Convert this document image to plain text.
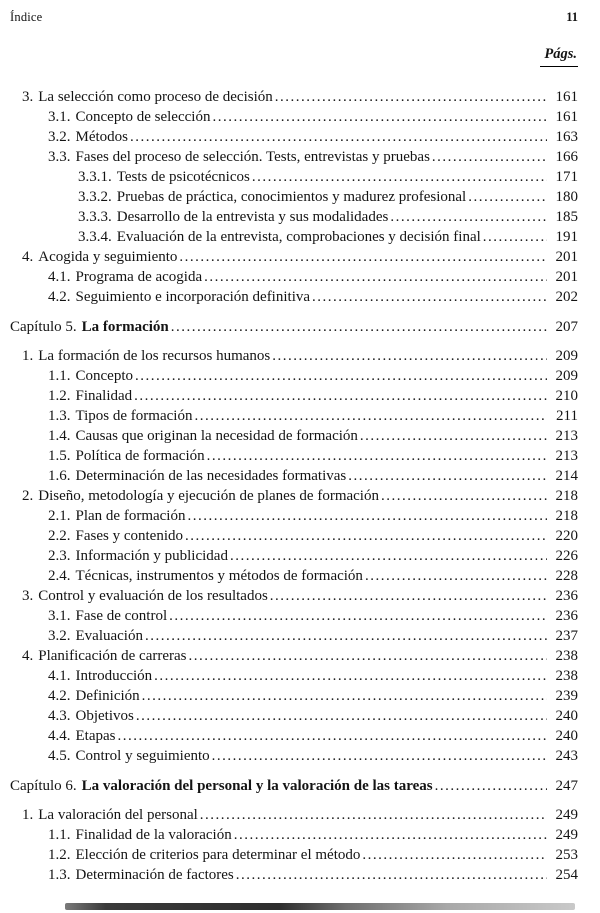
Índice	11
Págs.
3. La selección como proceso de decisión .....	161
3.1. Concepto de selección .....	161
3.2. Métodos .....	163
3.3. Fases del proceso de selección. Tests, entrevistas y pruebas .....	166
3.3.1. Tests de psicotécnicos .....	171
3.3.2. Pruebas de práctica, conocimientos y madurez profesional .....	180
3.3.3. Desarrollo de la entrevista y sus modalidades .....	185
3.3.4. Evaluación de la entrevista, comprobaciones y decisión final .....	191
4. Acogida y seguimiento .....	201
4.1. Programa de acogida .....	201
4.2. Seguimiento e incorporación definitiva .....	202
Capítulo 5. La formación .....	207
1. La formación de los recursos humanos .....	209
1.1. Concepto .....	209
1.2. Finalidad .....	210
1.3. Tipos de formación .....	211
1.4. Causas que originan la necesidad de formación .....	213
1.5. Política de formación .....	213
1.6. Determinación de las necesidades formativas .....	214
2. Diseño, metodología y ejecución de planes de formación .....	218
2.1. Plan de formación .....	218
2.2. Fases y contenido .....	220
2.3. Información y publicidad .....	226
2.4. Técnicas, instrumentos y métodos de formación .....	228
3. Control y evaluación de los resultados .....	236
3.1. Fase de control .....	236
3.2. Evaluación .....	237
4. Planificación de carreras .....	238
4.1. Introducción .....	238
4.2. Definición .....	239
4.3. Objetivos .....	240
4.4. Etapas .....	240
4.5. Control y seguimiento .....	243
Capítulo 6. La valoración del personal y la valoración de las tareas .....	247
1. La valoración del personal .....	249
1.1. Finalidad de la valoración .....	249
1.2. Elección de criterios para determinar el método .....	253
1.3. Determinación de factores .....	254
